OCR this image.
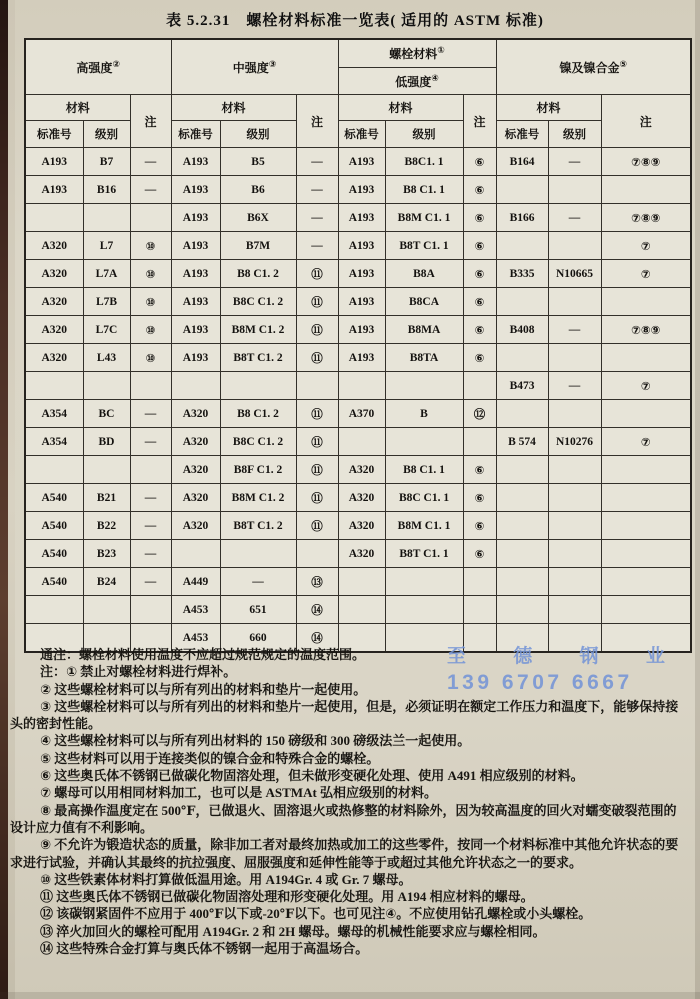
表 5.2.31　螺栓材料标准一览表( 适用的 ASTM 标准)
高强度②			中强度③			螺栓材料①			镍及镍合金⑤
						低强度④
材料		注	材料		注	材料		注	材料		注
标准号	级别		标准号	级别		标准号	级别		标准号	级别	
A193	B7	—	A193	B5	—	A193	B8C1. 1	⑥	B164	—	⑦⑧⑨
A193	B16	—	A193	B6	—	A193	B8 C1. 1	⑥			
			A193	B6X	—	A193	B8M C1. 1	⑥	B166	—	⑦⑧⑨
A320	L7	⑩	A193	B7M	—	A193	B8T C1. 1	⑥			⑦
A320	L7A	⑩	A193	B8 C1. 2	⑪	A193	B8A	⑥	B335	N10665	⑦
A320	L7B	⑩	A193	B8C C1. 2	⑪	A193	B8CA	⑥			
A320	L7C	⑩	A193	B8M C1. 2	⑪	A193	B8MA	⑥	B408	—	⑦⑧⑨
A320	L43	⑩	A193	B8T C1. 2	⑪	A193	B8TA	⑥			
									B473	—	⑦
A354	BC	—	A320	B8 C1. 2	⑪	A370	B	⑫			
A354	BD	—	A320	B8C C1. 2	⑪				B 574	N10276	⑦
			A320	B8F C1. 2	⑪	A320	B8 C1. 1	⑥			
A540	B21	—	A320	B8M C1. 2	⑪	A320	B8C C1. 1	⑥			
A540	B22	—	A320	B8T C1. 2	⑪	A320	B8M C1. 1	⑥			
A540	B23	—				A320	B8T C1. 1	⑥			
A540	B24	—	A449	—	⑬						
			A453	651	⑭						
			A453	660	⑭						

通注：螺栓材料使用温度不应超过规范规定的温度范围。

注：① 禁止对螺栓材料进行焊补。

② 这些螺栓材料可以与所有列出的材料和垫片一起使用。

③ 这些螺栓材料可以与所有列出的材料和垫片一起使用，但是，必须证明在额定工作压力和温度下，能够保持接头的密封性能。

④ 这些螺栓材料可以与所有列出材料的 150 磅级和 300 磅级法兰一起使用。

⑤ 这些材料可以用于连接类似的镍合金和特殊合金的螺栓。

⑥ 这些奥氏体不锈钢已做碳化物固溶处理，但未做形变硬化处理、使用 A491 相应级别的材料。

⑦ 螺母可以用相同材料加工，也可以是 ASTMAt 弘相应级别的材料。

⑧ 最高操作温度定在 500℉，已做退火、固溶退火或热修整的材料除外，因为较高温度的回火对蠕变破裂范围的设计应力值有不利影响。

⑨ 不允许为锻造状态的质量，除非加工者对最终加热或加工的这些零件，按同一个材料标准中其他允许状态的要求进行试验，并确认其最终的抗拉强度、屈服强度和延伸性能等于或超过其他允许状态之一的要求。

⑩ 这些铁素体材料打算做低温用途。用 A194Gr. 4 或 Gr. 7 螺母。

⑪ 这些奥氏体不锈钢已做碳化物固溶处理和形变硬化处理。用 A194 相应材料的螺母。

⑫ 该碳钢紧固件不应用于 400℉以下或-20℉以下。也可见注④。不应使用钻孔螺栓或小头螺栓。

⑬ 淬火加回火的螺栓可配用 A194Gr. 2 和 2H 螺母。螺母的机械性能要求应与螺栓相同。

⑭ 这些特殊合金打算与奥氏体不锈钢一起用于高温场合。

至 德 钢 业
139 6707 6667
